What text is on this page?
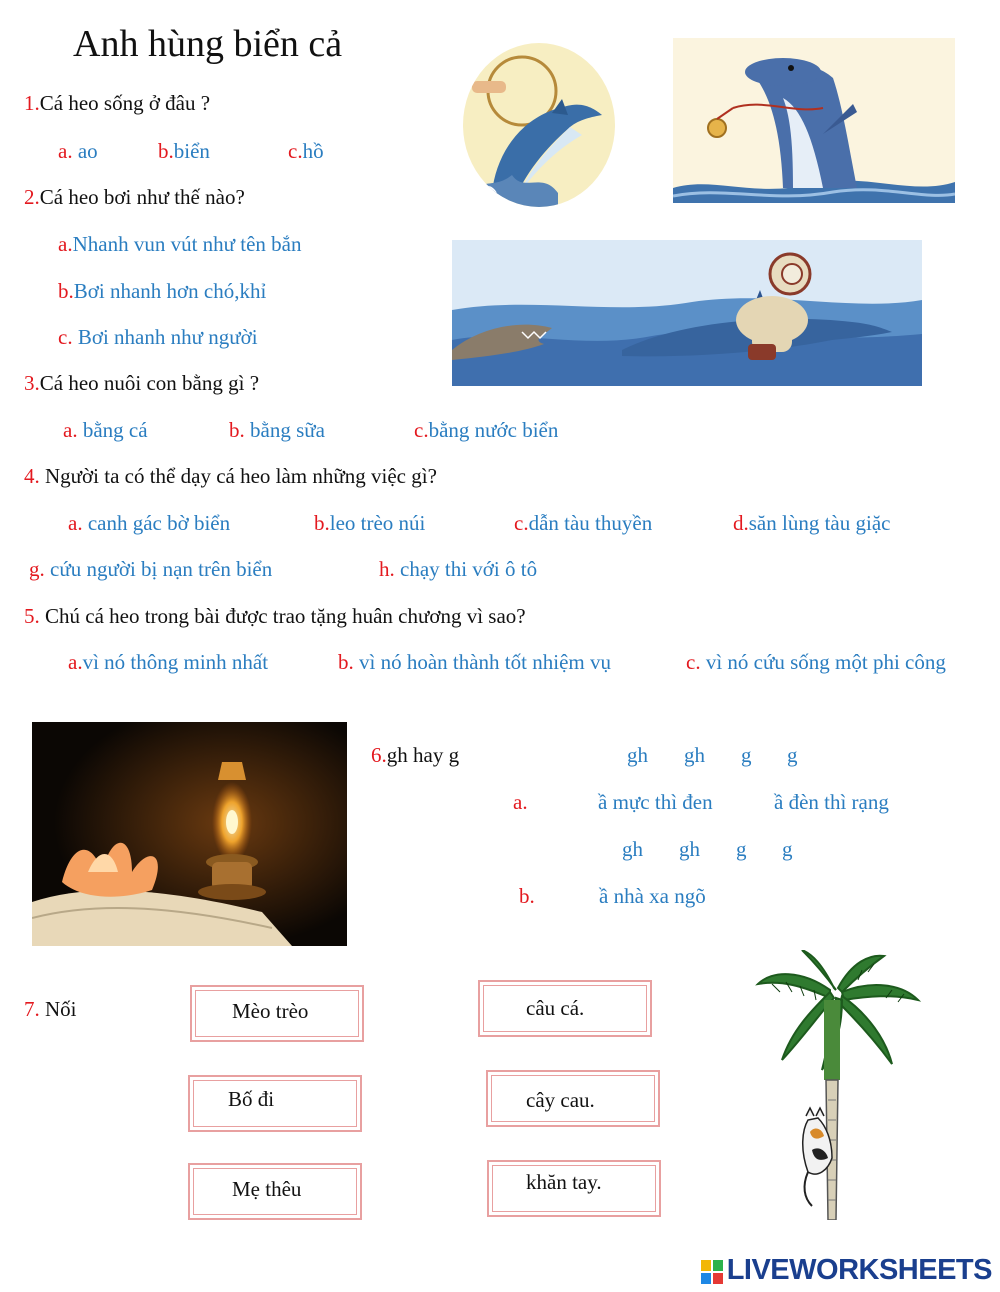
Anh hùng biển cả
1.Cá heo sống ở đâu ?
a. ao	b.biển	c.hồ
2.Cá heo bơi như thế nào?
a.Nhanh vun vút như tên bắn
b.Bơi nhanh hơn chó,khỉ
c. Bơi nhanh như người
3.Cá heo nuôi con bằng gì ?
a. bằng cá	b. bằng sữa	c.bằng nước biển
4. Người ta có thể dạy cá heo làm những việc gì?
a. canh gác bờ biển	b.leo trèo núi	c.dẫn tàu thuyền	d.săn lùng tàu giặc
g. cứu người bị nạn trên biển	h. chạy thi với ô tô
5. Chú cá heo trong bài được trao tặng huân chương vì sao?
a.vì nó thông minh nhất	b. vì nó hoàn thành tốt nhiệm vụ	c. vì nó cứu sống một phi công
6.gh hay g	gh gh g g
a.	ầ mực thì đen	ầ đèn thì rạng
gh gh g g
b.	ầ nhà xa ngõ
7. Nối	Mèo trèo
Bố đi
Mẹ thêu
câu cá.
cây cau.
khăn tay.
LIVEWORKSHEETS
